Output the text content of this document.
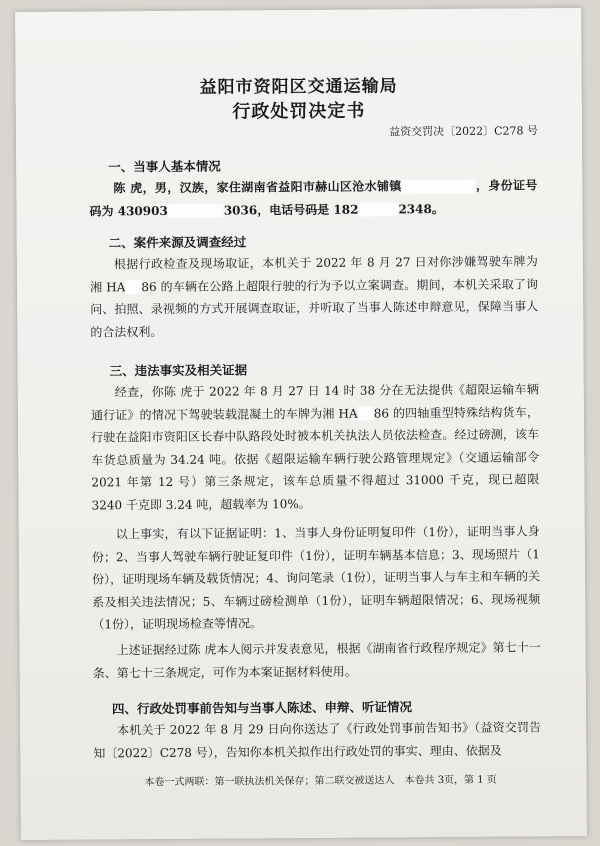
益阳市资阳区交通运输局
行政处罚决定书
益资交罚决〔2022〕C278 号
一、当事人基本情况

陈 虎，男，汉族，家住湖南省益阳市赫山区沧水铺镇	，身份证号码为 430903	3036，电话号码是 182	2348。

二、案件来源及调查经过

根据行政检查及现场取证，本机关于 2022 年 8 月 27 日对你涉嫌驾驶车牌为湘 HA 86 的车辆在公路上超限行驶的行为予以立案调查。期间，本机关采取了询问、拍照、录视频的方式开展调查取证，并听取了当事人陈述申辩意见，保障当事人的合法权利。

三、违法事实及相关证据

经查，你陈 虎于 2022 年 8 月 27 日 14 时 38 分在无法提供《超限运输车辆通行证》的情况下驾驶装载混凝土的车牌为湘 HA 86 的四轴重型特殊结构货车，行驶在益阳市资阳区长春中队路段处时被本机关执法人员依法检查。经过磅测，该车车货总质量为 34.24 吨。依据《超限运输车辆行驶公路管理规定》（交通运输部令 2021 年第 12 号）第三条规定，该车总质量不得超过 31000 千克，现已超限 3240 千克即 3.24 吨，超载率为 10%。

以上事实，有以下证据证明：1、当事人身份证明复印件（1份），证明当事人身份；2、当事人驾驶车辆行驶证复印件（1份），证明车辆基本信息；3、现场照片（1份），证明现场车辆及载货情况；4、询问笔录（1份），证明当事人与车主和车辆的关系及相关违法情况；5、车辆过磅检测单（1份），证明车辆超限情况；6、现场视频（1份），证明现场检查等情况。

上述证据经过陈 虎本人阅示并发表意见，根据《湖南省行政程序规定》第七十一条、第七十三条规定，可作为本案证据材料使用。

四、行政处罚事前告知与当事人陈述、申辩、听证情况

本机关于 2022 年 8 月 29 日向你送达了《行政处罚事前告知书》（益资交罚告知〔2022〕C278 号），告知你本机关拟作出行政处罚的事实、理由、依据及

本卷一式两联：第一联执法机关保存；第二联交被送达人 本卷共 3页，第 1 页
